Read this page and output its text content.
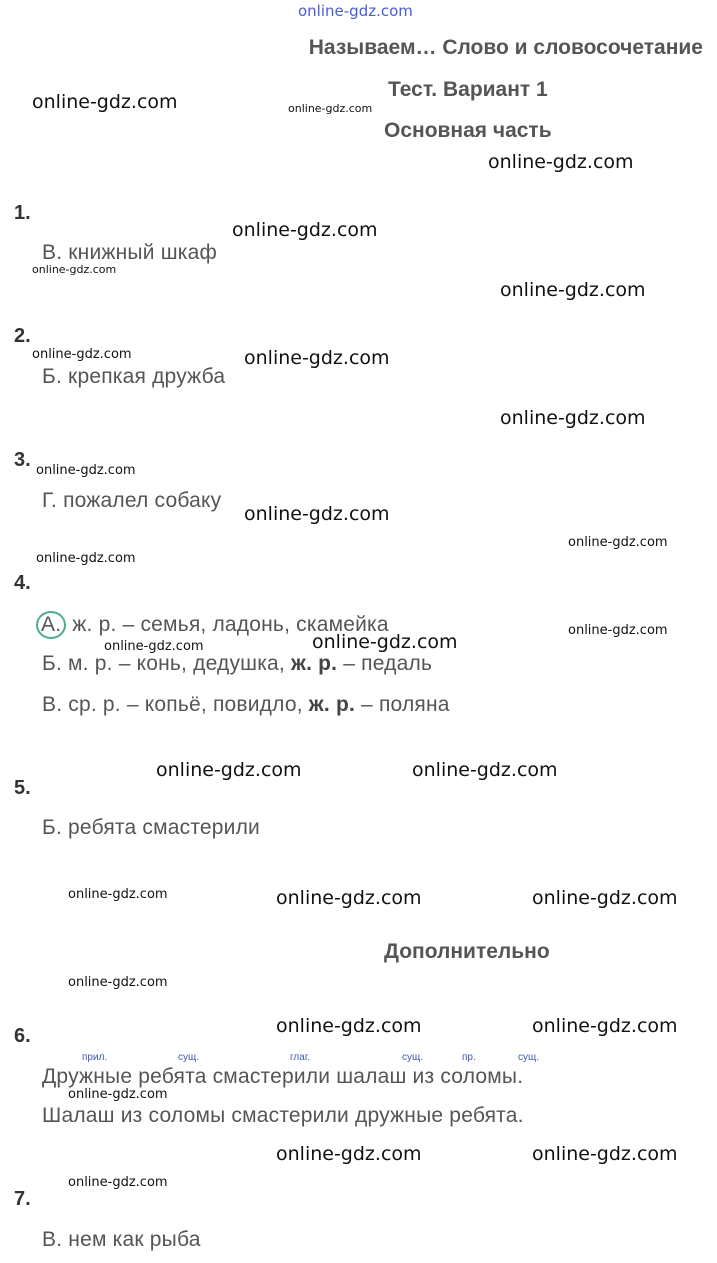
online-gdz.com
online-gdz.com	online-gdz.com
online-gdz.com
online-gdz.com
online-gdz.com
online-gdz.com
online-gdz.com	online-gdz.com
online-gdz.com
online-gdz.com
online-gdz.com
online-gdz.com
online-gdz.com
online-gdz.com
online-gdz.com
online-gdz.com
online-gdz.com	online-gdz.com
online-gdz.com	online-gdz.com	online-gdz.com
online-gdz.com
online-gdz.com	online-gdz.com
online-gdz.com
online-gdz.com	online-gdz.com
online-gdz.com
Называем… Слово и словосочетание
Тест. Вариант 1
Основная часть
1.
В. книжный шкаф
2.
Б. крепкая дружба
3.
Г. пожалел собаку
4.
А. ж. р. – семья, ладонь, скамейка
Б. м. р. – конь, дедушка, ж. р. – педаль
В. ср. р. – копьё, повидло, ж. р. – поляна
5.
Б. ребята смастерили
Дополнительно
6.
прил.	сущ.	глаг.	сущ.	пр.	сущ.
Дружные ребята смастерили шалаш из соломы.
Шалаш из соломы смастерили дружные ребята.
7.
В. нем как рыба
